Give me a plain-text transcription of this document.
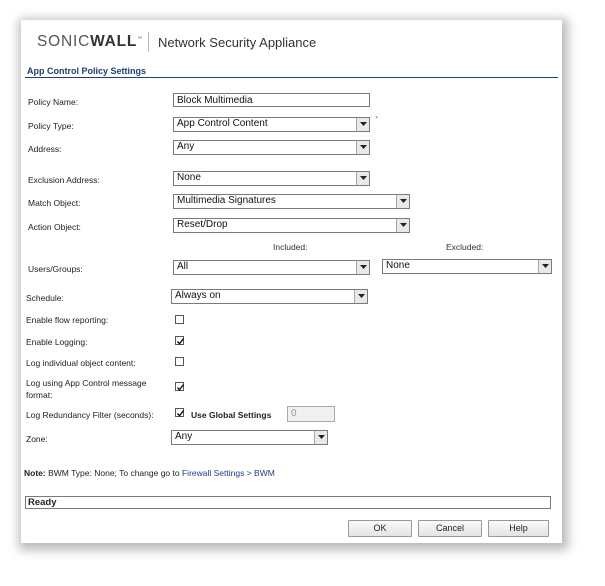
SONICWALL™ Network Security Appliance
App Control Policy Settings
Policy Name:	Block Multimedia
Policy Type:	App Control Content	`
Address:	Any
Exclusion Address:	None
Match Object:	Multimedia Signatures
Action Object:	Reset/Drop
Included:	Excluded:
Users/Groups:	All	None
Schedule:	Always on
Enable flow reporting:
Enable Logging:
Log individual object content:
Log using App Control message
format:
Log Redundancy Filter (seconds):	Use Global Settings	0
Zone:	Any
Note: BWM Type: None; To change go to Firewall Settings > BWM
Ready
OK	Cancel	Help
